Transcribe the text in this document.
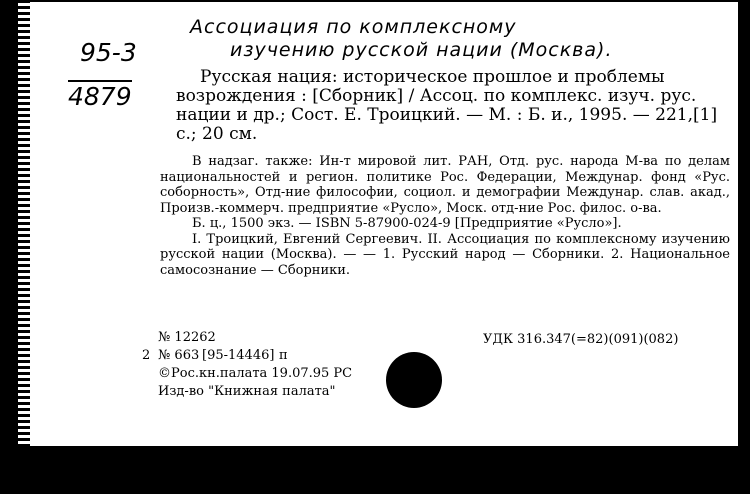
Ассоциация по комплексному
изучению русской нации (Москва).
95-3
4879
Русская нация: историческое прошлое и проблемы возрождения : [Сборник] / Ассоц. по комплекс. изуч. рус. нации и др.; Сост. Е. Троицкий. — М. : Б. и., 1995. — 221,[1] с.; 20 см.

В надзаг. также: Ин-т мировой лит. РАН, Отд. рус. народа М-ва по делам национальностей и регион. политике Рос. Федерации, Междунар. фонд «Рус. соборность», Отд-ние философии, социол. и демографии Междунар. слав. акад., Произв.-коммерч. предприятие «Русло», Моск. отд-ние Рос. филос. о-ва.

Б. ц., 1500 экз. — ISBN 5-87900-024-9 [Предприятие «Русло»].

I. Троицкий, Евгений Сергеевич. II. Ассоциация по комплексному изучению русской нации (Москва). — — 1. Русский народ — Сборники. 2. Национальное самосознание — Сборники.

№ 12262
2 № 663 [95-14446] п
©Рос.кн.палата 19.07.95 РС
Изд-во "Книжная палата"
УДК 316.347(=82)(091)(082)
